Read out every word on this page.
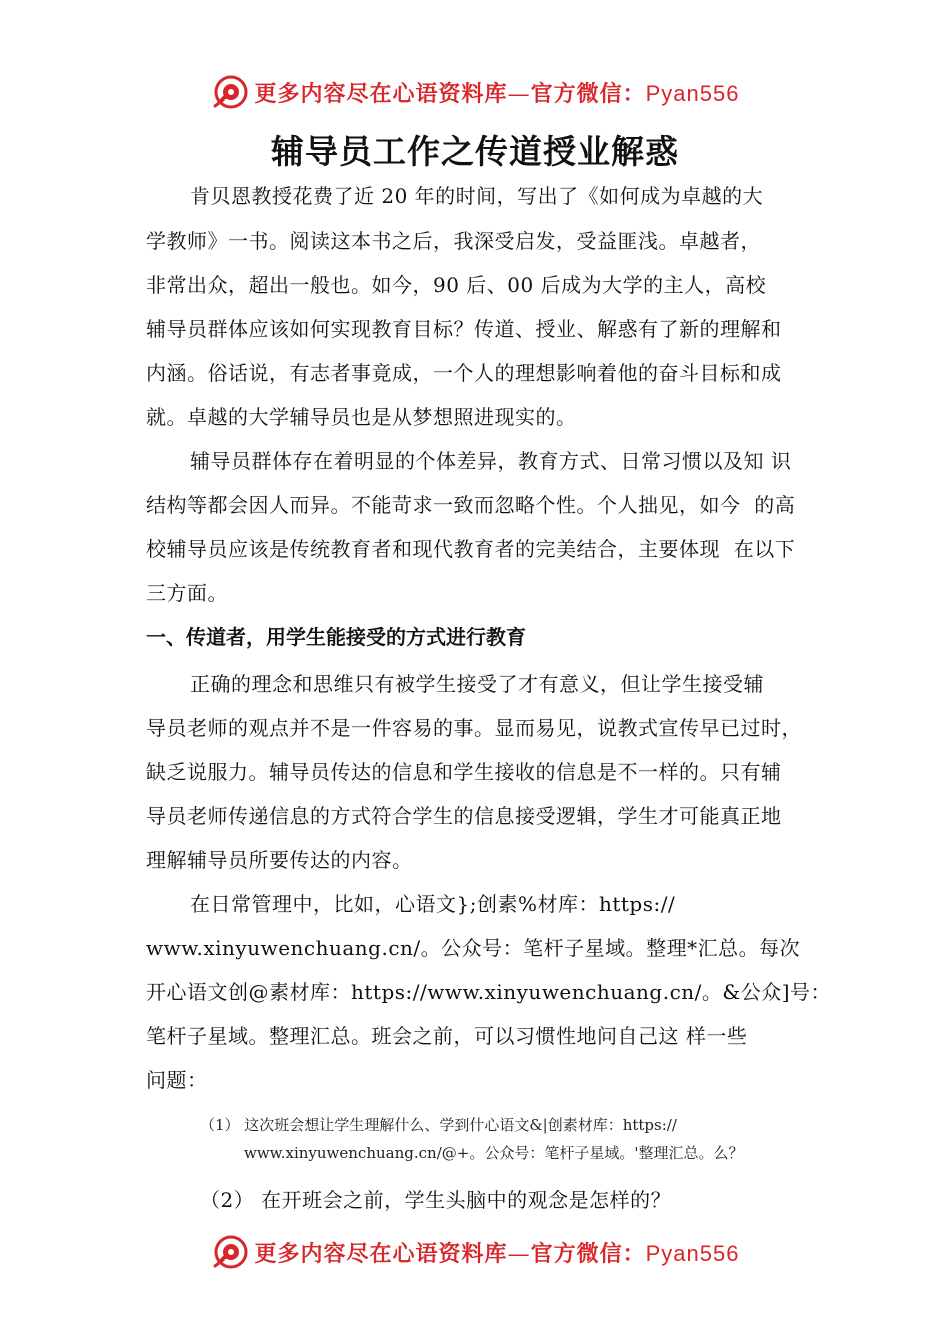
更多内容尽在心语资料库—官方微信：Pyan556
辅导员工作之传道授业解惑
肯贝恩教授花费了近 20 年的时间，写出了《如何成为卓越的大
学教师》一书。阅读这本书之后，我深受启发，受益匪浅。卓越者，
非常出众，超出一般也。如今，90 后、00 后成为大学的主人，高校
辅导员群体应该如何实现教育目标？传道、授业、解惑有了新的理解和
内涵。俗话说，有志者事竟成，一个人的理想影响着他的奋斗目标和成
就。卓越的大学辅导员也是从梦想照进现实的。
辅导员群体存在着明显的个体差异，教育方式、日常习惯以及知 识
结构等都会因人而异。不能苛求一致而忽略个性。个人拙见，如今  的高
校辅导员应该是传统教育者和现代教育者的完美结合，主要体现  在以下
三方面。
一、传道者，用学生能接受的方式进行教育
正确的理念和思维只有被学生接受了才有意义，但让学生接受辅
导员老师的观点并不是一件容易的事。显而易见，说教式宣传早已过时，
缺乏说服力。辅导员传达的信息和学生接收的信息是不一样的。只有辅
导员老师传递信息的方式符合学生的信息接受逻辑，学生才可能真正地
理解辅导员所要传达的内容。
在日常管理中，比如，心语文};创素%材库：https://
www.xinyuwenchuang.cn/。公众号：笔杆子星域。整理*汇总。每次
开心语文创@素材库：https://www.xinyuwenchuang.cn/。&公众]号：
笔杆子星域。整理汇总。班会之前，可以习惯性地问自己这 样一些
问题：
（1） 这次班会想让学生理解什么、学到什心语文&|创素材库：https://
www.xinyuwenchuang.cn/@+。公众号：笔杆子星域。'整理汇总。么？
（2） 在开班会之前，学生头脑中的观念是怎样的？
更多内容尽在心语资料库—官方微信：Pyan556
